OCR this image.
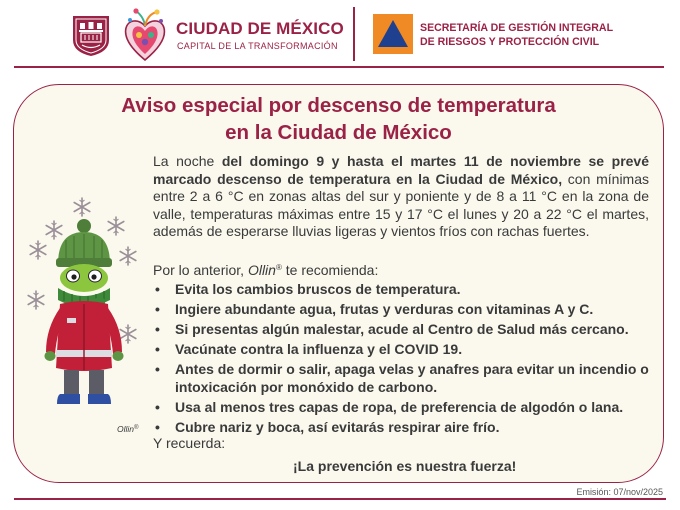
CIUDAD DE MÉXICO
CAPITAL DE LA TRANSFORMACIÓN
SECRETARÍA DE GESTIÓN INTEGRAL
DE RIESGOS Y PROTECCIÓN CIVIL
Aviso especial por descenso de temperatura
en la Ciudad de México

La noche del domingo 9 y hasta el martes 11 de noviembre se prevé marcado descenso de temperatura en la Ciudad de México, con mínimas entre 2 a 6 °C en zonas altas del sur y poniente y de 8 a 11 °C en la zona de valle, temperaturas máximas entre 15 y 17 °C el lunes y 20 a 22 °C el martes, además de esperarse lluvias ligeras y vientos fríos con rachas fuertes.

Por lo anterior, Ollin® te recomienda:
• Evita los cambios bruscos de temperatura.
• Ingiere abundante agua, frutas y verduras con vitaminas A y C.
• Si presentas algún malestar, acude al Centro de Salud más cercano.
• Vacúnate contra la influenza y el COVID 19.
• Antes de dormir o salir, apaga velas y anafres para evitar un incendio o intoxicación por monóxido de carbono.
• Usa al menos tres capas de ropa, de preferencia de algodón o lana.
• Cubre nariz y boca, así evitarás respirar aire frío.
Y recuerda:
¡La prevención es nuestra fuerza!
Ollin®
Emisión: 07/nov/2025
